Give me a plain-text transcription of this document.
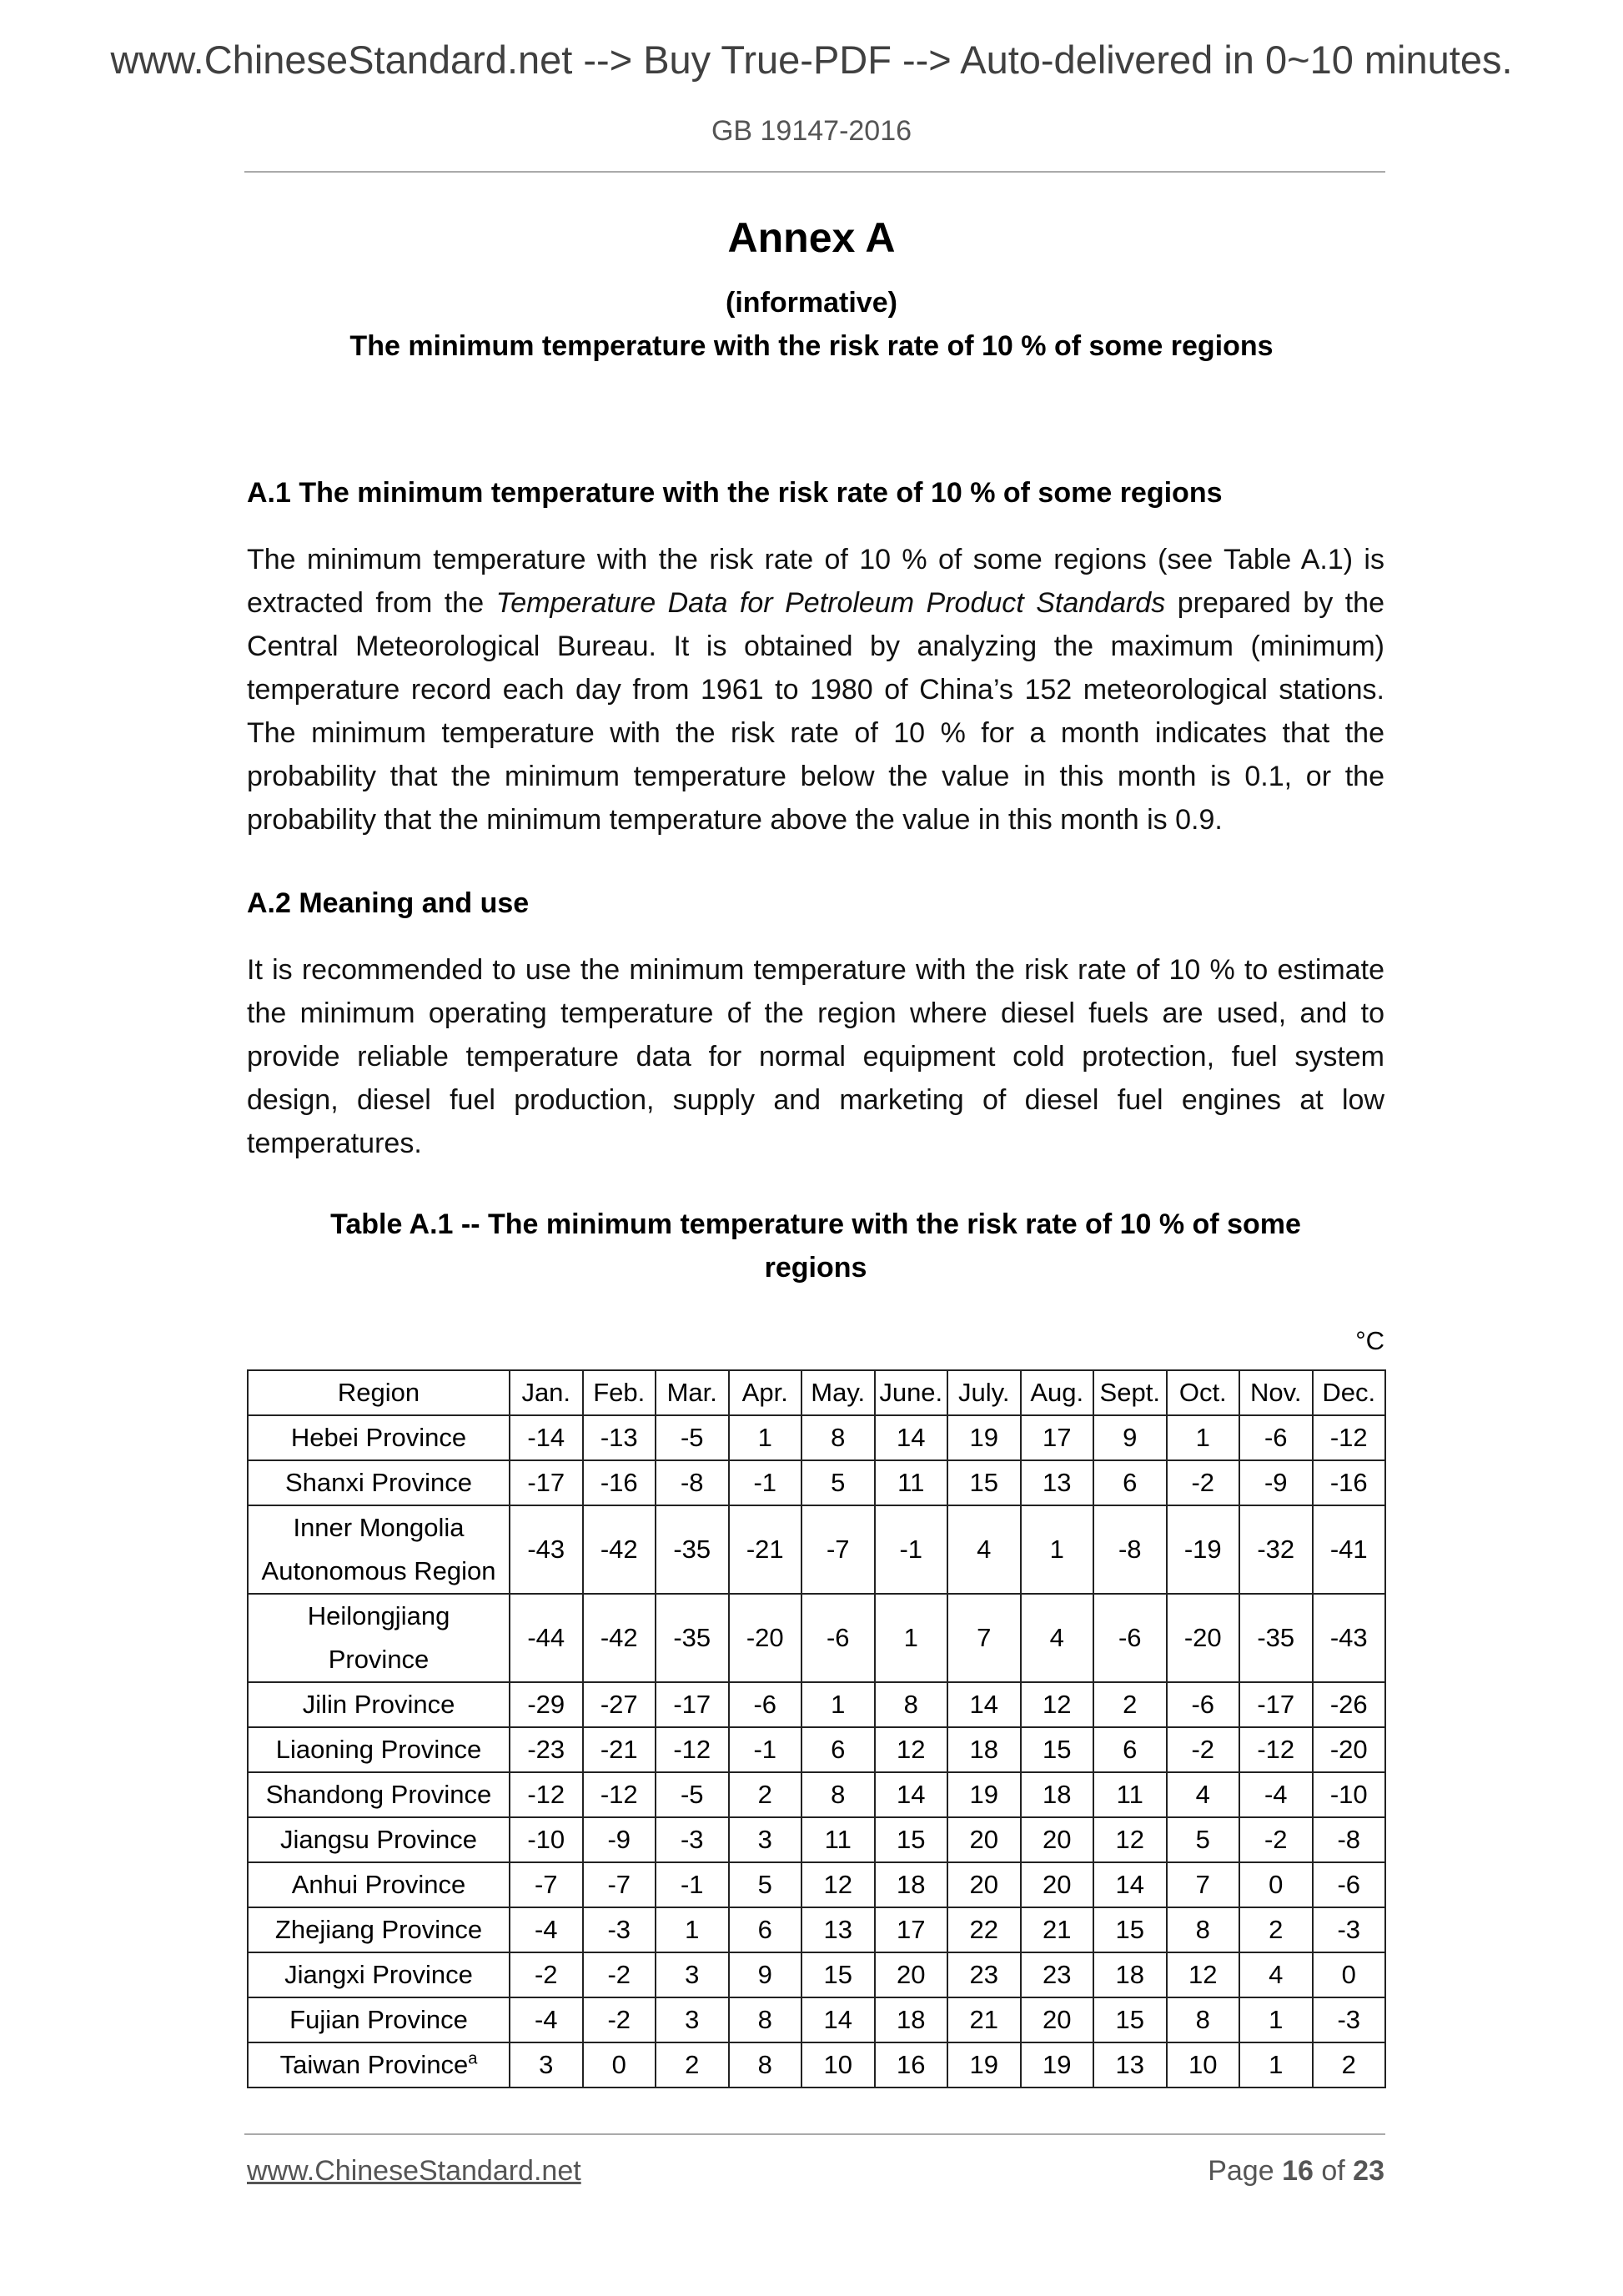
www.ChineseStandard.net --> Buy True-PDF --> Auto-delivered in 0~10 minutes.
GB 19147-2016
Annex A
(informative)
The minimum temperature with the risk rate of 10 % of some regions
A.1 The minimum temperature with the risk rate of 10 % of some regions
The minimum temperature with the risk rate of 10 % of some regions (see Table A.1) is extracted from the Temperature Data for Petroleum Product Standards prepared by the Central Meteorological Bureau. It is obtained by analyzing the maximum (minimum) temperature record each day from 1961 to 1980 of China’s 152 meteorological stations. The minimum temperature with the risk rate of 10 % for a month indicates that the probability that the minimum temperature below the value in this month is 0.1, or the probability that the minimum temperature above the value in this month is 0.9.
A.2 Meaning and use
It is recommended to use the minimum temperature with the risk rate of 10 % to estimate the minimum operating temperature of the region where diesel fuels are used, and to provide reliable temperature data for normal equipment cold protection, fuel system design, diesel fuel production, supply and marketing of diesel fuel engines at low temperatures.
Table A.1 -- The minimum temperature with the risk rate of 10 % of some
regions
°C
Region	Jan.	Feb.	Mar.	Apr.	May.	June.	July.	Aug.	Sept.	Oct.	Nov.	Dec.

Hebei Province	-14	-13	-5	1	8	14	19	17	9	1	-6	-12

Shanxi Province	-17	-16	-8	-1	5	11	15	13	6	-2	-9	-16

Inner Mongolia
Autonomous Region	-43	-42	-35	-21	-7	-1	4	1	-8	-19	-32	-41

Heilongjiang
Province	-44	-42	-35	-20	-6	1	7	4	-6	-20	-35	-43

Jilin Province	-29	-27	-17	-6	1	8	14	12	2	-6	-17	-26

Liaoning Province	-23	-21	-12	-1	6	12	18	15	6	-2	-12	-20

Shandong Province	-12	-12	-5	2	8	14	19	18	11	4	-4	-10

Jiangsu Province	-10	-9	-3	3	11	15	20	20	12	5	-2	-8

Anhui Province	-7	-7	-1	5	12	18	20	20	14	7	0	-6

Zhejiang Province	-4	-3	1	6	13	17	22	21	15	8	2	-3

Jiangxi Province	-2	-2	3	9	15	20	23	23	18	12	4	0

Fujian Province	-4	-2	3	8	14	18	21	20	15	8	1	-3

Taiwan Province$^a$	3	0	2	8	10	16	19	19	13	10	1	2
www.ChineseStandard.net	Page 16 of 23
